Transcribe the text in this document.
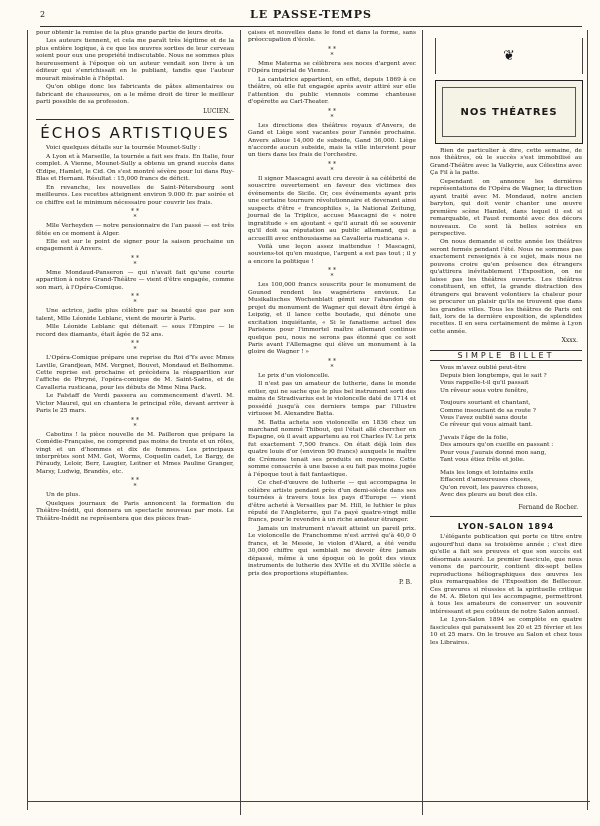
2	LE PASSE-TEMPS

pour obtenir la remise de la plus grande partie de leurs droits.

Les auteurs tiennent, et cela me paraît très légitime et de la plus entière logique, à ce que les œuvres sorties de leur cerveau soient pour eux une propriété indiscutable. Nous ne sommes plus heureusement à l'époque où un auteur vendait son livre à un éditeur qui s'enrichissait en le publiant, tandis que l'auteur mourait misérable à l'hôpital.

Qu'on oblige donc les fabricants de pâtes alimentaires ou fabricant de chaussures, on a le même droit de tirer le meilleur parti possible de sa profession.

LUCIEN.
ÉCHOS ARTISTIQUES

Voici quelques détails sur la tournée Mounet-Sully :

A Lyon et à Marseille, la tournée a fait ses frais. En Italie, four complet. A Vienne, Mounet-Sully a obtenu un grand succès dans Œdipe, Hamlet, le Cid. On s'est montré sévère pour lui dans Ruy-Blas et Hernani. Résultat : 15,000 francs de déficit.

En revanche, les nouvelles de Saint-Pétersbourg sont meilleures. Les recettes atteignent environ 9.000 fr. par soirée et ce chiffre est le minimum nécessaire pour couvrir les frais.

* *
*

Mlle Verheyden — notre pensionnaire de l'an passé — est très fêtée en ce moment à Alger.

Elle est sur le point de signer pour la saison prochaine un engagement à Anvers.

* *
*

Mme Mondaud-Panseron — qui n'avait fait qu'une courte apparition à notre Grand-Théâtre — vient d'être engagée, comme son mari, à l'Opéra-Comique.

* *
*

Une actrice, jadis plus célèbre par sa beauté que par son talent, Mlle Léonide Leblanc, vient de mourir à Paris.

Mlle Léonide Leblanc qui détenait — sous l'Empire — le record des diamants, était âgée de 52 ans.

* *
*

L'Opéra-Comique prépare une reprise du Roi d'Ys avec Mmes Laville, Grandjean, MM. Vergnet, Bouvet, Mondaud et Belhomme. Cette reprise est prochaine et précèdera la réapparition sur l'affiche de Phryné, l'opéra-comique de M. Saint-Saëns, et de Cavalleria rusticana, pour les débuts de Mme Nina Pack.

Le Falstaff de Verdi passera au commencement d'avril. M. Victor Maurel, qui en chantera le principal rôle, devant arriver à Paris le 25 mars.

* *
*

Cabotins ! la pièce nouvelle de M. Pailleron que prépare la Comédie-Française, ne comprend pas moins de trente et un rôles, vingt et un d'hommes et dix de femmes. Les principaux interprètes sont MM. Got, Worms, Coquelin cadet, Le Bargy, de Féraudy, Leloir, Berr, Laugier, Leitner et Mmes Pauline Granger, Marsy, Ludwig, Brandès, etc.

* *
*

Un de plus.

Quelques journaux de Paris annoncent la formation du Théâtre-Inédit, qui donnera un spectacle nouveau par mois. Le Théâtre-Inédit ne représentera que des pièces fran-

çaises et nouvelles dans le fond et dans la forme, sans préoccupation d'école.

* *
*

Mme Materna se célèbrera ses noces d'argent avec l'Opéra impérial de Vienne.

La cantatrice appartient, en effet, depuis 1869 à ce théâtre, où elle fut engagée après avoir attiré sur elle l'attention du public viennois comme chanteuse d'opérette au Carl-Theater.

* *
*

Les directions des théâtres royaux d'Anvers, de Gand et Liège sont vacantes pour l'année prochaine. Anvers alloue 14,000 de subside, Gand 36,000. Liège n'accorde aucun subside, mais la ville intervient pour un tiers dans les frais de l'orchestre.

* *
*

Il signor Mascagni avait cru devoir à sa célébrité de souscrire ouvertement en faveur des victimes des événements de Sicile. Or, ces événements ayant pris une certaine tournure révolutionnaire et devenant ainsi suspects d'être « francophiles », la National Zeitung, journal de la Triplice, accuse Mascagni de « noire ingratitude » en ajoutant « qu'il aurait dû se souvenir qu'il doit sa réputation au public allemand, qui a accueilli avec enthousiasme sa Cavalleria rusticana ».

Voilà une leçon assez inattendue ! Mascagni, souviens-toi qu'en musique, l'argent a est pas tout ; il y a encore la politique !

* *
*

Les 100,000 francs souscrits pour le monument de Gounod rendent les wagnériens envieux. Le Musikalisches Wochenblatt gémit sur l'abandon du projet du monument de Wagner qui devait être érigé à Leipzig, et il lance cette boutade, qui dénote une excitation inquiétante, « Si le fanatisme actuel des Parisiens pour l'immortel maître allemand continue quelque peu, nous ne serons pas étonné que ce soit Paris avant l'Allemagne qui élève un monument à la gloire de Wagner ! »

* *
*

Le prix d'un violoncelle.

Il n'est pas un amateur de lutherie, dans le monde entier, qui ne sache que le plus bel instrument sorti des mains de Stradivarius est le violoncelle daté de 1714 et possédé jusqu'à ces derniers temps par l'illustre virtuose M. Alexandre Batta.

M. Batta acheta son violoncelle en 1836 chez un marchand nommé Thibout, qui l'était allé chercher en Espagne, où il avait appartenu au roi Charles IV. Le prix fut exactement 7,500 francs. On était déjà loin des quatre louis d'or (environ 90 francs) auxquels le maître de Crémone tenait ses produits en moyenne. Cette somme consacrée à une basse a eu fait pas moins jugée à l'époque tout à fait fantastique.

Ce chef-d'œuvre de lutherie — qui accompagna le célèbre artiste pendant près d'un demi-siècle dans ses tournées à travers tous les pays d'Europe — vient d'être acheté à Versailles par M. Hill, le luthier le plus réputé de l'Angleterre, qui l'a payé quatre-vingt mille francs, pour le revendre à un riche amateur étranger.

Jamais un instrument n'avait atteint un pareil prix. Le violoncelle de Franchomme n'est arrivé qu'à 40,0 0 francs, et le Messie, le violon d'Alard, a été vendu 30,000 chiffre qui semblait ne devoir être jamais dépassé, même à une époque où le goût des vieux instruments de lutherie des XVIIe et du XVIIIe siècle a pris des proportions stupéfiantes.

P. B.
❦
NOS THÉATRES

Rien de particulier à dire, cette semaine, de nos théâtres, où le succès s'est immobilisé au Grand-Théâtre avec la Valkyrie, aux Célestins avec Ça Fil à la patte.

Cependant on annonce les dernières représentations de l'Opéra de Wagner, la direction ayant traité avec M. Mondaud, notre ancien baryton, qui doit venir chanter une œuvre première scène Hamlet, dans lequel il est si remarquable, et Faust remonté avec des décors nouveaux. Ce sont là belles soirées en perspective.

On nous demande si cette année les théâtres seront fermés pendant l'été. Nous ne sommes pas exactement renseignés à ce sujet, mais nous ne pouvons croire qu'en présence des étrangers qu'attirera inévitablement l'Exposition, on ne laisse pas les théâtres ouverts. Les théâtres constituent, en effet, la grande distraction des étrangers qui bravent volontiers la chaleur pour se procurer un plaisir qu'ils ne trouvent que dans les grandes villes. Tous les théâtres de Paris ont fait, lors de la dernière exposition, de splendides recettes. Il en sera certainement de même à Lyon cette année.

Xxxx.
SIMPLE BILLET
Vous m'avez oublié peut-être
Depuis bien longtemps, qui le sait ?
Vous rappelle-t-il qu'il passait
Un rêveur sous votre fenêtre,
Toujours souriant et chantant,
Comme insouciant de sa route ?
Vous l'avez oublié sans doute
Ce rêveur qui vous aimait tant.
J'avais l'âge de la folie,
Des amours qu'on cueille en passant :
Pour vous j'aurais donné mon sang,
Tant vous étiez frêle et jolie.
Mais les longs et lointains exils
Effacent d'amoureuses choses,
Qu'on revoit, les pauvres choses,
Avec des pleurs au bout des cils.
Fernand de Rocher.
LYON-SALON 1894

L'élégante publication qui porte ce titre entre aujourd'hui dans sa troisième année ; c'est dire qu'elle a fait ses preuves et que son succès est désormais assuré. Le premier fascicule, que nous venons de parcourir, contient dix-sept belles reproductions héliographiques des œuvres les plus remarquables de l'Exposition de Bellecour. Ces gravures si réussies et la spirituelle critique de M. A. Bleton qui les accompagne, permettront à tous les amateurs de conserver un souvenir intéressant et peu coûteux de notre Salon annuel.

Le Lyon-Salon 1894 se complète en quatre fascicules qui paraissent les 20 et 25 février et les 10 et 25 mars. On le trouve au Salon et chez tous les Libraires.
